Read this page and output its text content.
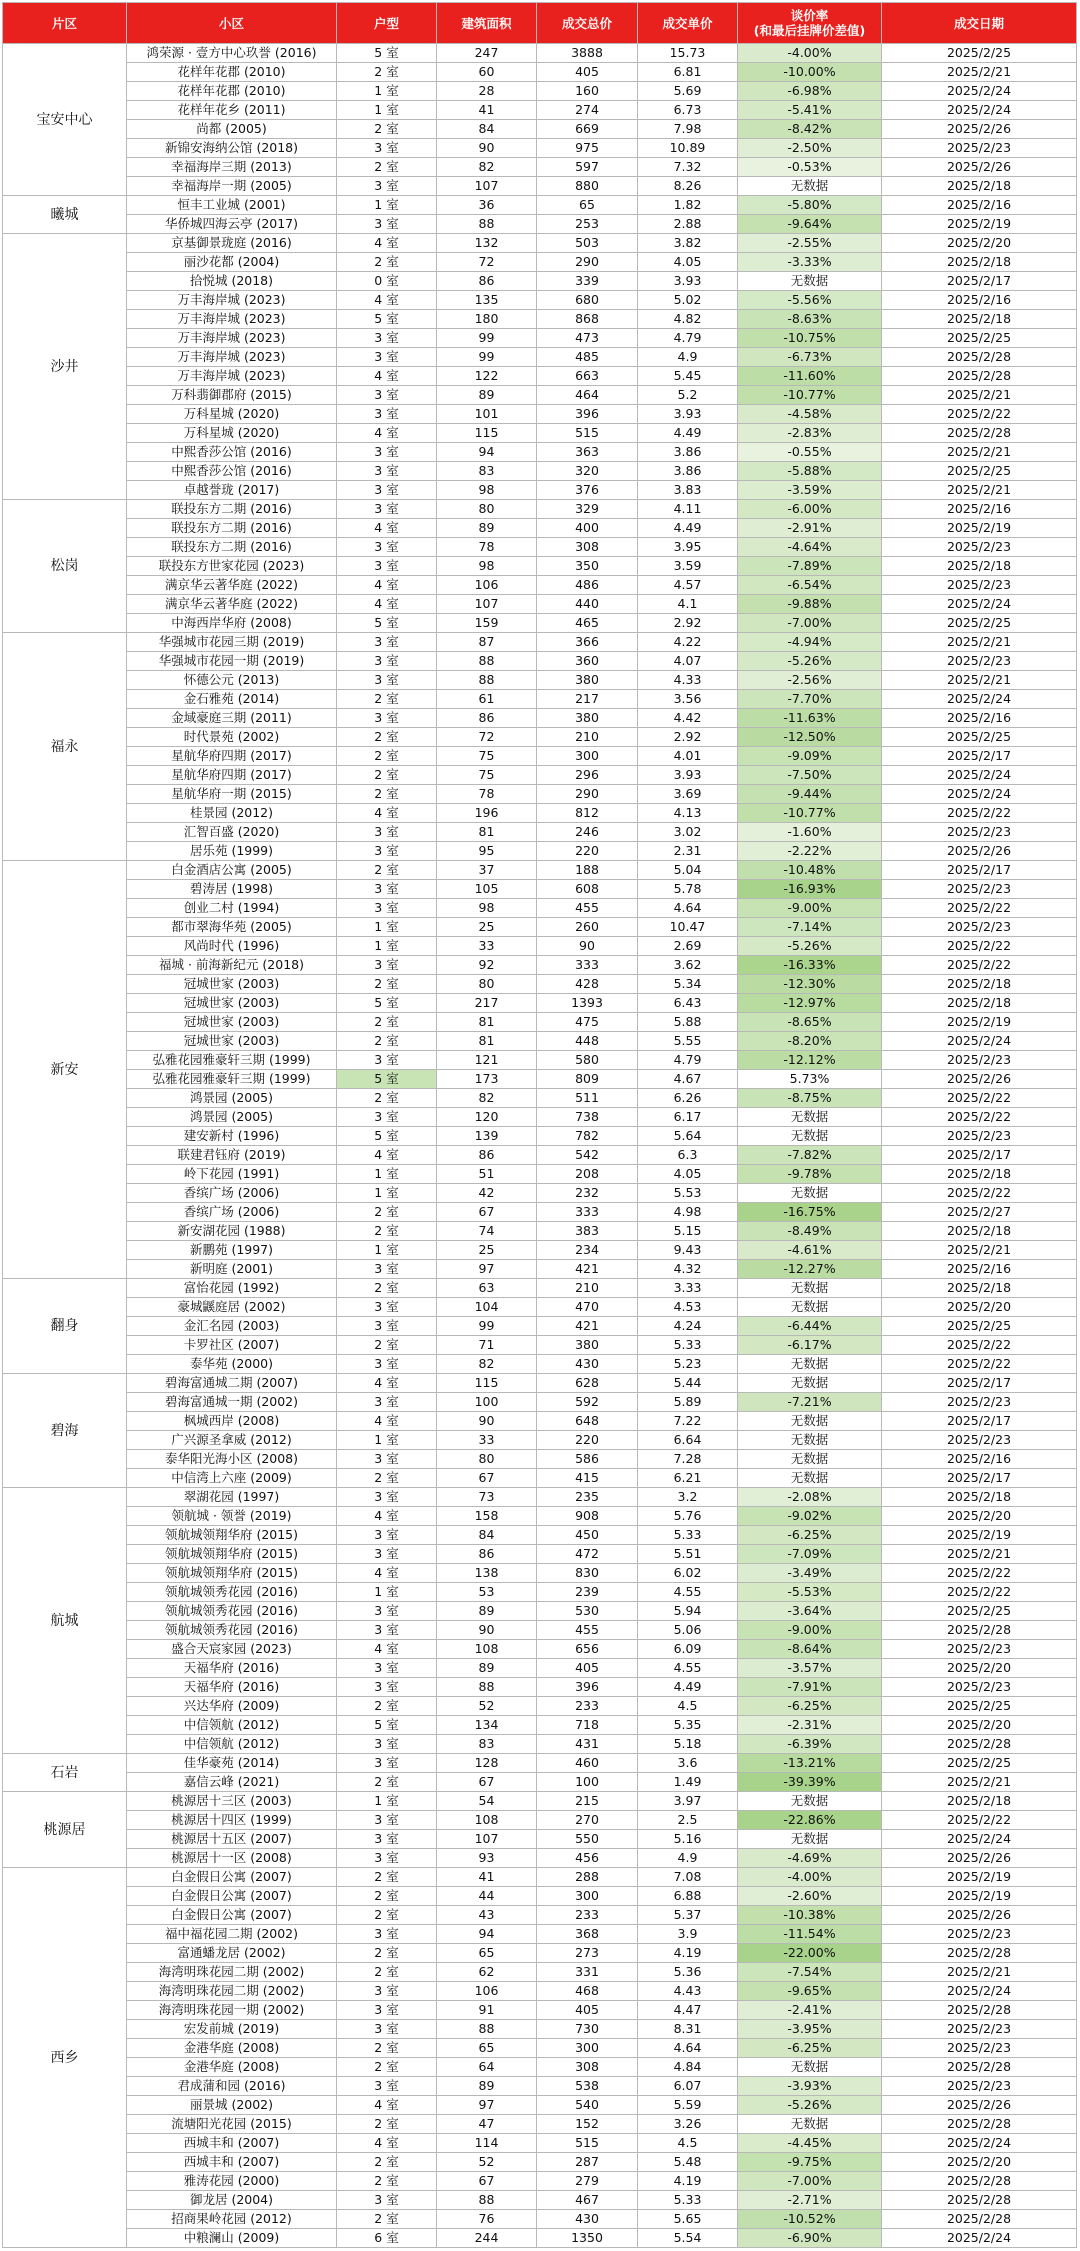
片区	小区	户型	建筑面积	成交总价	成交单价	谈价率
(和最后挂牌价差值)	成交日期
宝安中心	鸿荣源 · 壹方中心玖誉 (2016)	5 室	247	3888	15.73	-4.00%	2025/2/25
	花样年花郡 (2010)	2 室	60	405	6.81	-10.00%	2025/2/21
	花样年花郡 (2010)	1 室	28	160	5.69	-6.98%	2025/2/24
	花样年花乡 (2011)	1 室	41	274	6.73	-5.41%	2025/2/24
	尚都 (2005)	2 室	84	669	7.98	-8.42%	2025/2/26
	新锦安海纳公馆 (2018)	3 室	90	975	10.89	-2.50%	2025/2/23
	幸福海岸三期 (2013)	2 室	82	597	7.32	-0.53%	2025/2/26
	幸福海岸一期 (2005)	3 室	107	880	8.26	无数据	2025/2/18
曦城	恒丰工业城 (2001)	1 室	36	65	1.82	-5.80%	2025/2/16
	华侨城四海云亭 (2017)	3 室	88	253	2.88	-9.64%	2025/2/19
沙井	京基御景珑庭 (2016)	4 室	132	503	3.82	-2.55%	2025/2/20
	丽沙花都 (2004)	2 室	72	290	4.05	-3.33%	2025/2/18
	拾悦城 (2018)	0 室	86	339	3.93	无数据	2025/2/17
	万丰海岸城 (2023)	4 室	135	680	5.02	-5.56%	2025/2/16
	万丰海岸城 (2023)	5 室	180	868	4.82	-8.63%	2025/2/18
	万丰海岸城 (2023)	3 室	99	473	4.79	-10.75%	2025/2/25
	万丰海岸城 (2023)	3 室	99	485	4.9	-6.73%	2025/2/28
	万丰海岸城 (2023)	4 室	122	663	5.45	-11.60%	2025/2/28
	万科翡御郡府 (2015)	3 室	89	464	5.2	-10.77%	2025/2/21
	万科星城 (2020)	3 室	101	396	3.93	-4.58%	2025/2/22
	万科星城 (2020)	4 室	115	515	4.49	-2.83%	2025/2/28
	中熙香莎公馆 (2016)	3 室	94	363	3.86	-0.55%	2025/2/21
	中熙香莎公馆 (2016)	3 室	83	320	3.86	-5.88%	2025/2/25
	卓越誉珑 (2017)	3 室	98	376	3.83	-3.59%	2025/2/21
松岗	联投东方二期 (2016)	3 室	80	329	4.11	-6.00%	2025/2/16
	联投东方二期 (2016)	4 室	89	400	4.49	-2.91%	2025/2/19
	联投东方二期 (2016)	3 室	78	308	3.95	-4.64%	2025/2/23
	联投东方世家花园 (2023)	3 室	98	350	3.59	-7.89%	2025/2/18
	满京华云著华庭 (2022)	4 室	106	486	4.57	-6.54%	2025/2/23
	满京华云著华庭 (2022)	4 室	107	440	4.1	-9.88%	2025/2/24
	中海西岸华府 (2008)	5 室	159	465	2.92	-7.00%	2025/2/25
福永	华强城市花园三期 (2019)	3 室	87	366	4.22	-4.94%	2025/2/21
	华强城市花园一期 (2019)	3 室	88	360	4.07	-5.26%	2025/2/23
	怀德公元 (2013)	3 室	88	380	4.33	-2.56%	2025/2/21
	金石雅苑 (2014)	2 室	61	217	3.56	-7.70%	2025/2/24
	金域豪庭三期 (2011)	3 室	86	380	4.42	-11.63%	2025/2/16
	时代景苑 (2002)	2 室	72	210	2.92	-12.50%	2025/2/25
	星航华府四期 (2017)	2 室	75	300	4.01	-9.09%	2025/2/17
	星航华府四期 (2017)	2 室	75	296	3.93	-7.50%	2025/2/24
	星航华府一期 (2015)	2 室	78	290	3.69	-9.44%	2025/2/24
	桂景园 (2012)	4 室	196	812	4.13	-10.77%	2025/2/22
	汇智百盛 (2020)	3 室	81	246	3.02	-1.60%	2025/2/23
	居乐苑 (1999)	3 室	95	220	2.31	-2.22%	2025/2/26
新安	白金酒店公寓 (2005)	2 室	37	188	5.04	-10.48%	2025/2/17
	碧涛居 (1998)	3 室	105	608	5.78	-16.93%	2025/2/23
	创业二村 (1994)	3 室	98	455	4.64	-9.00%	2025/2/22
	都市翠海华苑 (2005)	1 室	25	260	10.47	-7.14%	2025/2/23
	风尚时代 (1996)	1 室	33	90	2.69	-5.26%	2025/2/22
	福城 · 前海新纪元 (2018)	3 室	92	333	3.62	-16.33%	2025/2/22
	冠城世家 (2003)	2 室	80	428	5.34	-12.30%	2025/2/18
	冠城世家 (2003)	5 室	217	1393	6.43	-12.97%	2025/2/18
	冠城世家 (2003)	2 室	81	475	5.88	-8.65%	2025/2/19
	冠城世家 (2003)	2 室	81	448	5.55	-8.20%	2025/2/24
	弘雅花园雅豪轩三期 (1999)	3 室	121	580	4.79	-12.12%	2025/2/23
	弘雅花园雅豪轩三期 (1999)	5 室	173	809	4.67	5.73%	2025/2/26
	鸿景园 (2005)	2 室	82	511	6.26	-8.75%	2025/2/22
	鸿景园 (2005)	3 室	120	738	6.17	无数据	2025/2/22
	建安新村 (1996)	5 室	139	782	5.64	无数据	2025/2/23
	联建君钰府 (2019)	4 室	86	542	6.3	-7.82%	2025/2/17
	岭下花园 (1991)	1 室	51	208	4.05	-9.78%	2025/2/18
	香缤广场 (2006)	1 室	42	232	5.53	无数据	2025/2/22
	香缤广场 (2006)	2 室	67	333	4.98	-16.75%	2025/2/27
	新安湖花园 (1988)	2 室	74	383	5.15	-8.49%	2025/2/18
	新鹏苑 (1997)	1 室	25	234	9.43	-4.61%	2025/2/21
	新明庭 (2001)	3 室	97	421	4.32	-12.27%	2025/2/16
翻身	富怡花园 (1992)	2 室	63	210	3.33	无数据	2025/2/18
	豪城鼷庭居 (2002)	3 室	104	470	4.53	无数据	2025/2/20
	金汇名园 (2003)	3 室	99	421	4.24	-6.44%	2025/2/25
	卡罗社区 (2007)	2 室	71	380	5.33	-6.17%	2025/2/22
	泰华苑 (2000)	3 室	82	430	5.23	无数据	2025/2/22
碧海	碧海富通城二期 (2007)	4 室	115	628	5.44	无数据	2025/2/17
	碧海富通城一期 (2002)	3 室	100	592	5.89	-7.21%	2025/2/23
	枫城西岸 (2008)	4 室	90	648	7.22	无数据	2025/2/17
	广兴源圣拿威 (2012)	1 室	33	220	6.64	无数据	2025/2/23
	泰华阳光海小区 (2008)	3 室	80	586	7.28	无数据	2025/2/16
	中信湾上六座 (2009)	2 室	67	415	6.21	无数据	2025/2/17
航城	翠湖花园 (1997)	3 室	73	235	3.2	-2.08%	2025/2/18
	领航城 · 领誉 (2019)	4 室	158	908	5.76	-9.02%	2025/2/20
	领航城领翔华府 (2015)	3 室	84	450	5.33	-6.25%	2025/2/19
	领航城领翔华府 (2015)	3 室	86	472	5.51	-7.09%	2025/2/21
	领航城领翔华府 (2015)	4 室	138	830	6.02	-3.49%	2025/2/22
	领航城领秀花园 (2016)	1 室	53	239	4.55	-5.53%	2025/2/22
	领航城领秀花园 (2016)	3 室	89	530	5.94	-3.64%	2025/2/25
	领航城领秀花园 (2016)	3 室	90	455	5.06	-9.00%	2025/2/28
	盛合天宸家园 (2023)	4 室	108	656	6.09	-8.64%	2025/2/23
	天福华府 (2016)	3 室	89	405	4.55	-3.57%	2025/2/20
	天福华府 (2016)	3 室	88	396	4.49	-7.91%	2025/2/23
	兴达华府 (2009)	2 室	52	233	4.5	-6.25%	2025/2/25
	中信领航 (2012)	5 室	134	718	5.35	-2.31%	2025/2/20
	中信领航 (2012)	3 室	83	431	5.18	-6.39%	2025/2/28
石岩	佳华豪苑 (2014)	3 室	128	460	3.6	-13.21%	2025/2/25
	嘉信云峰 (2021)	2 室	67	100	1.49	-39.39%	2025/2/21
桃源居	桃源居十三区 (2003)	1 室	54	215	3.97	无数据	2025/2/18
	桃源居十四区 (1999)	3 室	108	270	2.5	-22.86%	2025/2/22
	桃源居十五区 (2007)	3 室	107	550	5.16	无数据	2025/2/24
	桃源居十一区 (2008)	3 室	93	456	4.9	-4.69%	2025/2/26
西乡	白金假日公寓 (2007)	2 室	41	288	7.08	-4.00%	2025/2/19
	白金假日公寓 (2007)	2 室	44	300	6.88	-2.60%	2025/2/19
	白金假日公寓 (2007)	2 室	43	233	5.37	-10.38%	2025/2/26
	福中福花园二期 (2002)	3 室	94	368	3.9	-11.54%	2025/2/23
	富通蟠龙居 (2002)	2 室	65	273	4.19	-22.00%	2025/2/28
	海湾明珠花园二期 (2002)	2 室	62	331	5.36	-7.54%	2025/2/21
	海湾明珠花园二期 (2002)	3 室	106	468	4.43	-9.65%	2025/2/24
	海湾明珠花园一期 (2002)	3 室	91	405	4.47	-2.41%	2025/2/28
	宏发前城 (2019)	3 室	88	730	8.31	-3.95%	2025/2/23
	金港华庭 (2008)	2 室	65	300	4.64	-6.25%	2025/2/23
	金港华庭 (2008)	2 室	64	308	4.84	无数据	2025/2/28
	君成蒲和园 (2016)	3 室	89	538	6.07	-3.93%	2025/2/23
	丽景城 (2002)	4 室	97	540	5.59	-5.26%	2025/2/26
	流塘阳光花园 (2015)	2 室	47	152	3.26	无数据	2025/2/28
	西城丰和 (2007)	4 室	114	515	4.5	-4.45%	2025/2/24
	西城丰和 (2007)	2 室	52	287	5.48	-9.75%	2025/2/20
	雅涛花园 (2000)	2 室	67	279	4.19	-7.00%	2025/2/28
	御龙居 (2004)	3 室	88	467	5.33	-2.71%	2025/2/28
	招商果岭花园 (2012)	2 室	76	430	5.65	-10.52%	2025/2/28
	中粮澜山 (2009)	6 室	244	1350	5.54	-6.90%	2025/2/24
